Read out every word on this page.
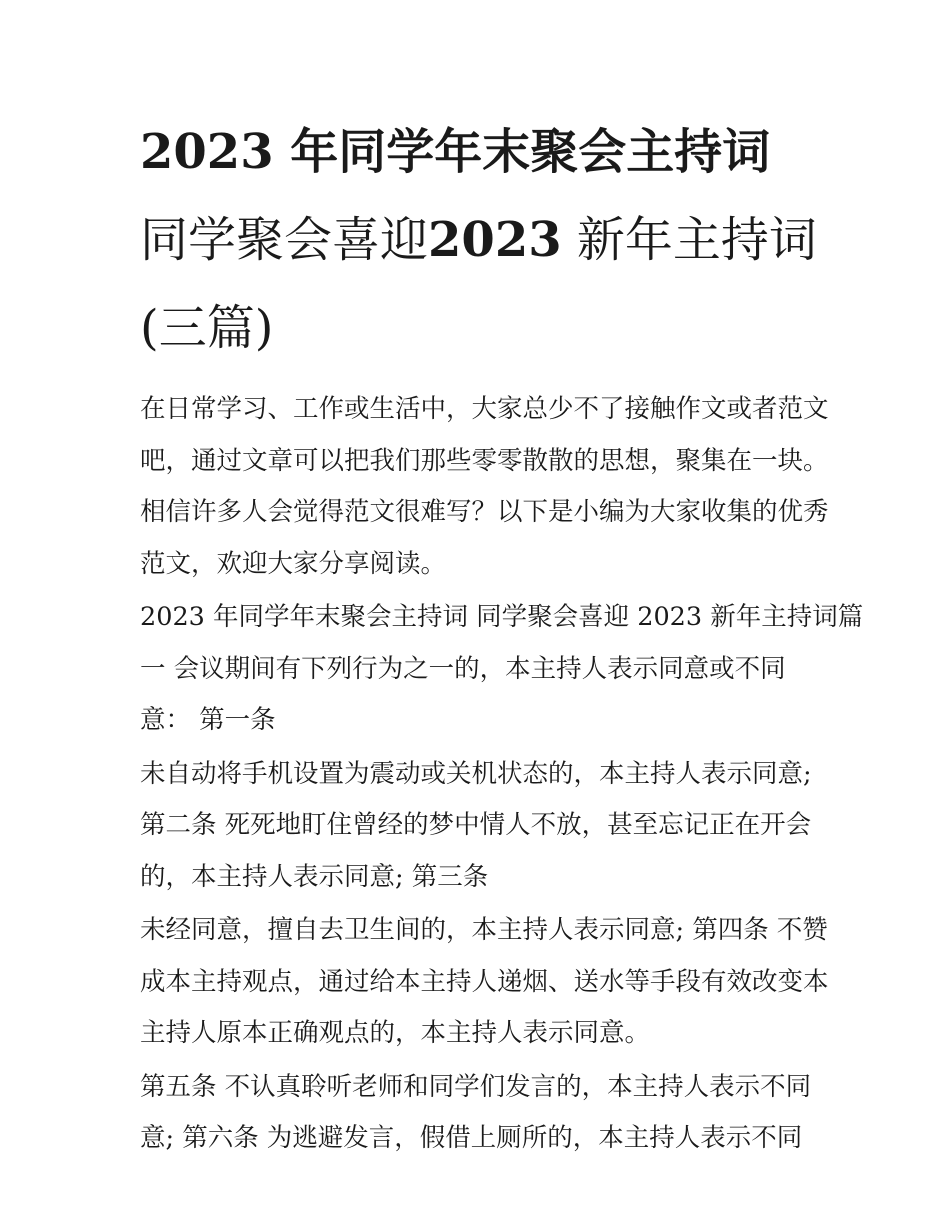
2023 年同学年末聚会主持词
同学聚会喜迎2023 新年主持词
(三篇)

在日常学习、工作或生活中，大家总少不了接触作文或者范文
吧，通过文章可以把我们那些零零散散的思想，聚集在一块。
相信许多人会觉得范文很难写？以下是小编为大家收集的优秀
范文，欢迎大家分享阅读。

2023 年同学年末聚会主持词 同学聚会喜迎 2023 新年主持词篇
一 会议期间有下列行为之一的，本主持人表示同意或不同
意： 第一条

未自动将手机设置为震动或关机状态的，本主持人表示同意;
第二条 死死地盯住曾经的梦中情人不放，甚至忘记正在开会
的，本主持人表示同意; 第三条

未经同意，擅自去卫生间的，本主持人表示同意; 第四条 不赞
成本主持观点，通过给本主持人递烟、送水等手段有效改变本
主持人原本正确观点的，本主持人表示同意。

第五条 不认真聆听老师和同学们发言的，本主持人表示不同
意; 第六条 为逃避发言，假借上厕所的，本主持人表示不同
